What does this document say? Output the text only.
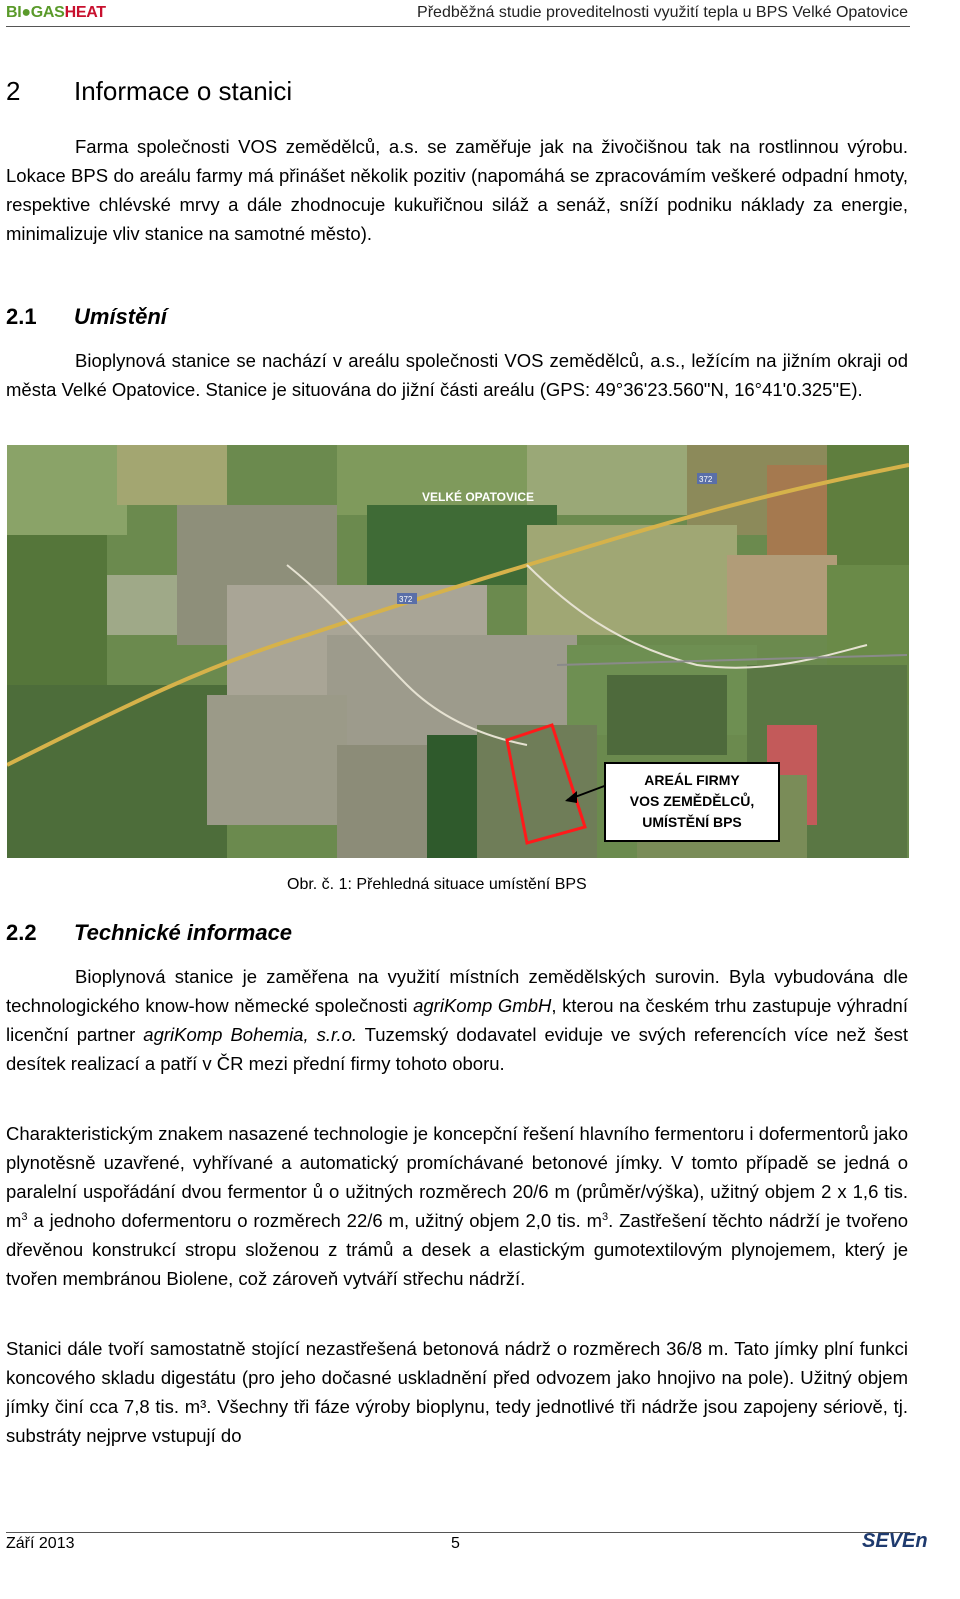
BI●GASHEAT	Předběžná studie proveditelnosti využití tepla u BPS Velké Opatovice
2 Informace o stanici

Farma společnosti VOS zemědělců, a.s. se zaměřuje jak na živočišnou tak na rostlinnou výrobu. Lokace BPS do areálu farmy má přinášet několik pozitiv (napomáhá se zpracovámím veškeré odpadní hmoty, respektive chlévské mrvy a dále zhodnocuje kukuřičnou siláž a senáž, sníží podniku náklady za energie, minimalizuje vliv stanice na samotné město).

2.1 Umístění

Bioplynová stanice se nachází v areálu společnosti VOS zemědělců, a.s., ležícím na jižním okraji od města Velké Opatovice. Stanice je situována do jižní části areálu (GPS: 49°36'23.560"N, 16°41'0.325"E).

VELKÉ OPATOVICE
372
372
AREÁL FIRMY
VOS ZEMĚDĚLCŮ,
UMÍSTĚNÍ BPS
Obr. č. 1: Přehledná situace umístění BPS
2.2 Technické informace

Bioplynová stanice je zaměřena na využití místních zemědělských surovin. Byla vybudována dle technologického know-how německé společnosti agriKomp GmbH, kterou na českém trhu zastupuje výhradní licenční partner agriKomp Bohemia, s.r.o. Tuzemský dodavatel eviduje ve svých referencích více než šest desítek realizací a patří v ČR mezi přední firmy tohoto oboru.

Charakteristickým znakem nasazené technologie je koncepční řešení hlavního fermentoru i dofermentorů jako plynotěsně uzavřené, vyhřívané a automatický promíchávané betonové jímky. V tomto případě se jedná o paralelní uspořádání dvou fermentor ů o užitných rozměrech 20/6 m (průměr/výška), užitný objem 2 x 1,6 tis. $m^3$ a jednoho dofermentoru o rozměrech 22/6 m, užitný objem 2,0 tis. $m^3$. Zastřešení těchto nádrží je tvořeno dřevěnou konstrukcí stropu složenou z trámů a desek a elastickým gumotextilovým plynojemem, který je tvořen membránou Biolene, což zároveň vytváří střechu nádrží.

Stanici dále tvoří samostatně stojící nezastřešená betonová nádrž o rozměrech 36/8 m. Tato jímky plní funkci koncového skladu digestátu (pro jeho dočasné uskladnění před odvozem jako hnojivo na pole). Užitný objem jímky činí cca 7,8 tis. m³. Všechny tři fáze výroby bioplynu, tedy jednotlivé tři nádrže jsou zapojeny sériově, tj. substráty nejprve vstupují do

Září 2013	5	SEVEn
